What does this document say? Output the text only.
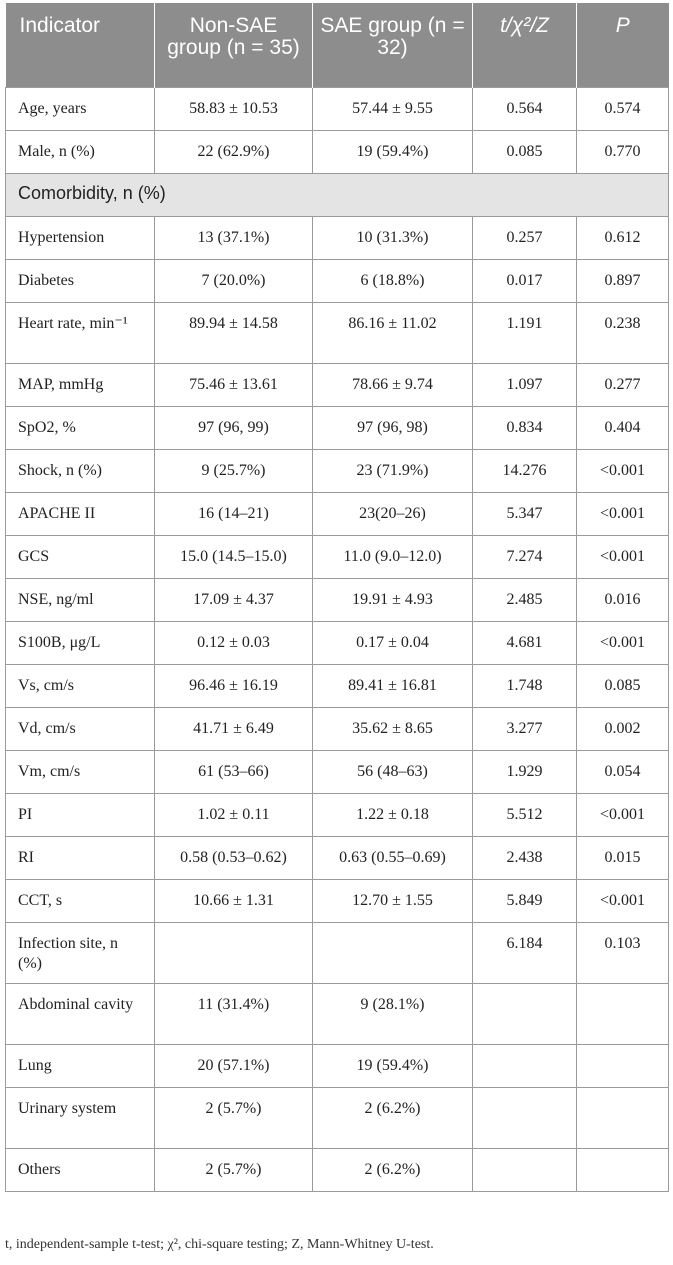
Indicator	Non-SAE group (n = 35)	SAE group (n = 32)	t/χ²/Z	P
Age, years	58.83 ± 10.53	57.44 ± 9.55	0.564	0.574
Male, n (%)	22 (62.9%)	19 (59.4%)	0.085	0.770
Comorbidity, n (%)				
Hypertension	13 (37.1%)	10 (31.3%)	0.257	0.612
Diabetes	7 (20.0%)	6 (18.8%)	0.017	0.897
Heart rate, min⁻¹	89.94 ± 14.58	86.16 ± 11.02	1.191	0.238
MAP, mmHg	75.46 ± 13.61	78.66 ± 9.74	1.097	0.277
SpO2, %	97 (96, 99)	97 (96, 98)	0.834	0.404
Shock, n (%)	9 (25.7%)	23 (71.9%)	14.276	<0.001
APACHE II	16 (14–21)	23(20–26)	5.347	<0.001
GCS	15.0 (14.5–15.0)	11.0 (9.0–12.0)	7.274	<0.001
NSE, ng/ml	17.09 ± 4.37	19.91 ± 4.93	2.485	0.016
S100B, μg/L	0.12 ± 0.03	0.17 ± 0.04	4.681	<0.001
Vs, cm/s	96.46 ± 16.19	89.41 ± 16.81	1.748	0.085
Vd, cm/s	41.71 ± 6.49	35.62 ± 8.65	3.277	0.002
Vm, cm/s	61 (53–66)	56 (48–63)	1.929	0.054
PI	1.02 ± 0.11	1.22 ± 0.18	5.512	<0.001
RI	0.58 (0.53–0.62)	0.63 (0.55–0.69)	2.438	0.015
CCT, s	10.66 ± 1.31	12.70 ± 1.55	5.849	<0.001
Infection site, n (%)			6.184	0.103
Abdominal cavity	11 (31.4%)	9 (28.1%)		
Lung	20 (57.1%)	19 (59.4%)		
Urinary system	2 (5.7%)	2 (6.2%)		
Others	2 (5.7%)	2 (6.2%)		
t, independent-sample t-test; χ², chi-square testing; Z, Mann-Whitney U-test.
